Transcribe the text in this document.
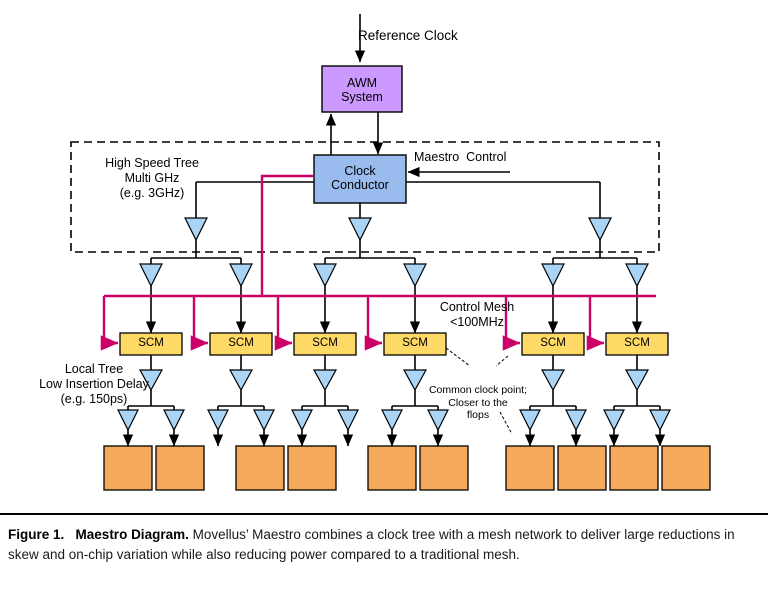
Reference Clock
AWM
System
Clock
Conductor
Maestro  Control
High Speed Tree
Multi GHz
(e.g. 3GHz)
Control Mesh
<100MHz
Local Tree
Low Insertion Delay
(e.g. 150ps)
Common clock point;
Closer to the
flops
SCM	SCM	SCM	SCM	SCM	SCM
Figure 1. Maestro Diagram. Movellus’ Maestro combines a clock tree with a mesh network to deliver large reductions in skew and on-chip variation while also reducing power compared to a traditional mesh.
